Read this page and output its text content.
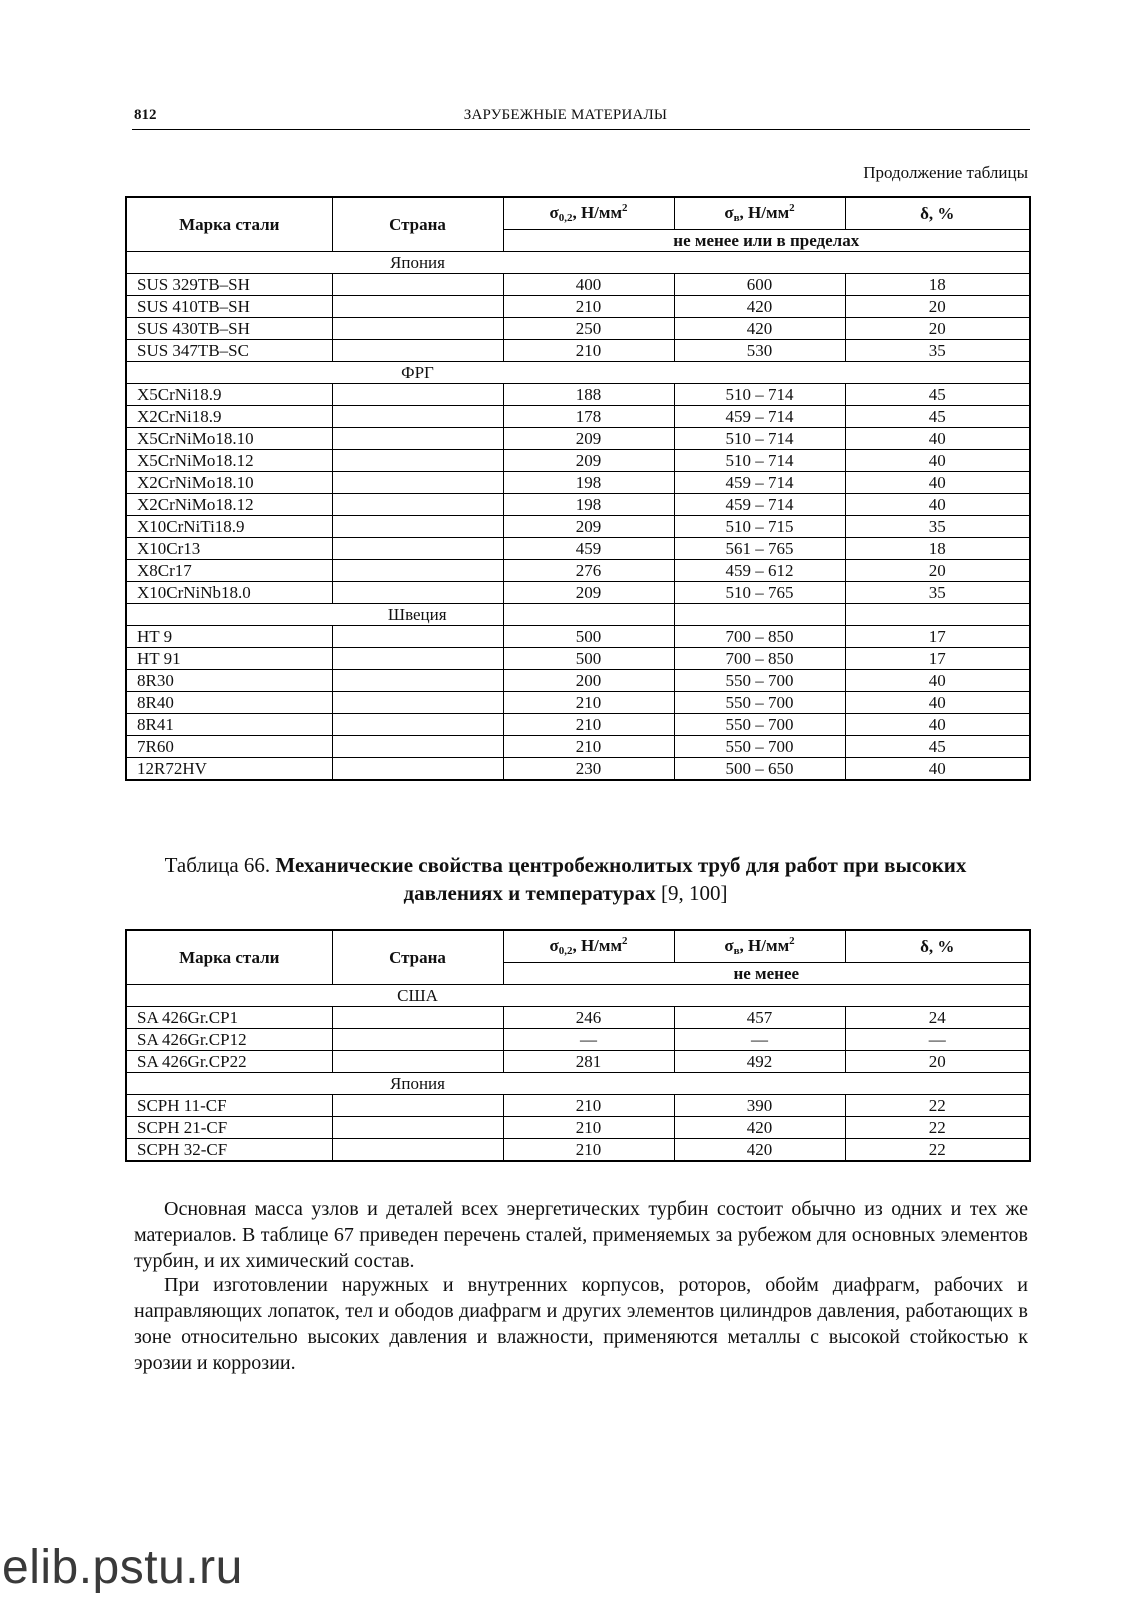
812	ЗАРУБЕЖНЫЕ МАТЕРИАЛЫ
Продолжение таблицы
Марка стали	Страна	$\sigma_{0,2}$, $Н/мм^2$	$\sigma_в$, $Н/мм^2$	δ, %
		не менее или в пределах		
	Япония			
SUS 329TB–SH		400	600	18
SUS 410TB–SH		210	420	20
SUS 430TB–SH		250	420	20
SUS 347TB–SC		210	530	35
	ФРГ			
X5CrNi18.9		188	510 – 714	45
X2CrNi18.9		178	459 – 714	45
X5CrNiMo18.10		209	510 – 714	40
X5CrNiMo18.12		209	510 – 714	40
X2CrNiMo18.10		198	459 – 714	40
X2CrNiMo18.12		198	459 – 714	40
X10CrNiTi18.9		209	510 – 715	35
X10Cr13		459	561 – 765	18
X8Cr17		276	459 – 612	20
X10CrNiNb18.0		209	510 – 765	35
	Швеция			
HT 9		500	700 – 850	17
HT 91		500	700 – 850	17
8R30		200	550 – 700	40
8R40		210	550 – 700	40
8R41		210	550 – 700	40
7R60		210	550 – 700	45
12R72HV		230	500 – 650	40
Таблица 66. Механические свойства центробежнолитых труб для работ при высоких
давлениях и температурах [9, 100]
Марка стали	Страна	$\sigma_{0,2}$, $Н/мм^2$	$\sigma_в$, $Н/мм^2$	δ, %
		не менее		
	США			
SA 426Gr.CP1		246	457	24
SA 426Gr.CP12		—	—	—
SA 426Gr.CP22		281	492	20
	Япония			
SCPH 11-CF		210	390	22
SCPH 21-CF		210	420	22
SCPH 32-CF		210	420	22

Основная масса узлов и деталей всех энергетических турбин состоит обычно из одних и тех же материалов. В таблице 67 приведен перечень сталей, применяемых за рубежом для основных элементов турбин, и их химический состав.

При изготовлении наружных и внутренних корпусов, роторов, обойм диафрагм, рабочих и направляющих лопаток, тел и ободов диафрагм и других элементов цилиндров давления, работающих в зоне относительно высоких давления и влажности, применяются металлы с высокой стойкостью к эрозии и коррозии.

elib.pstu.ru
